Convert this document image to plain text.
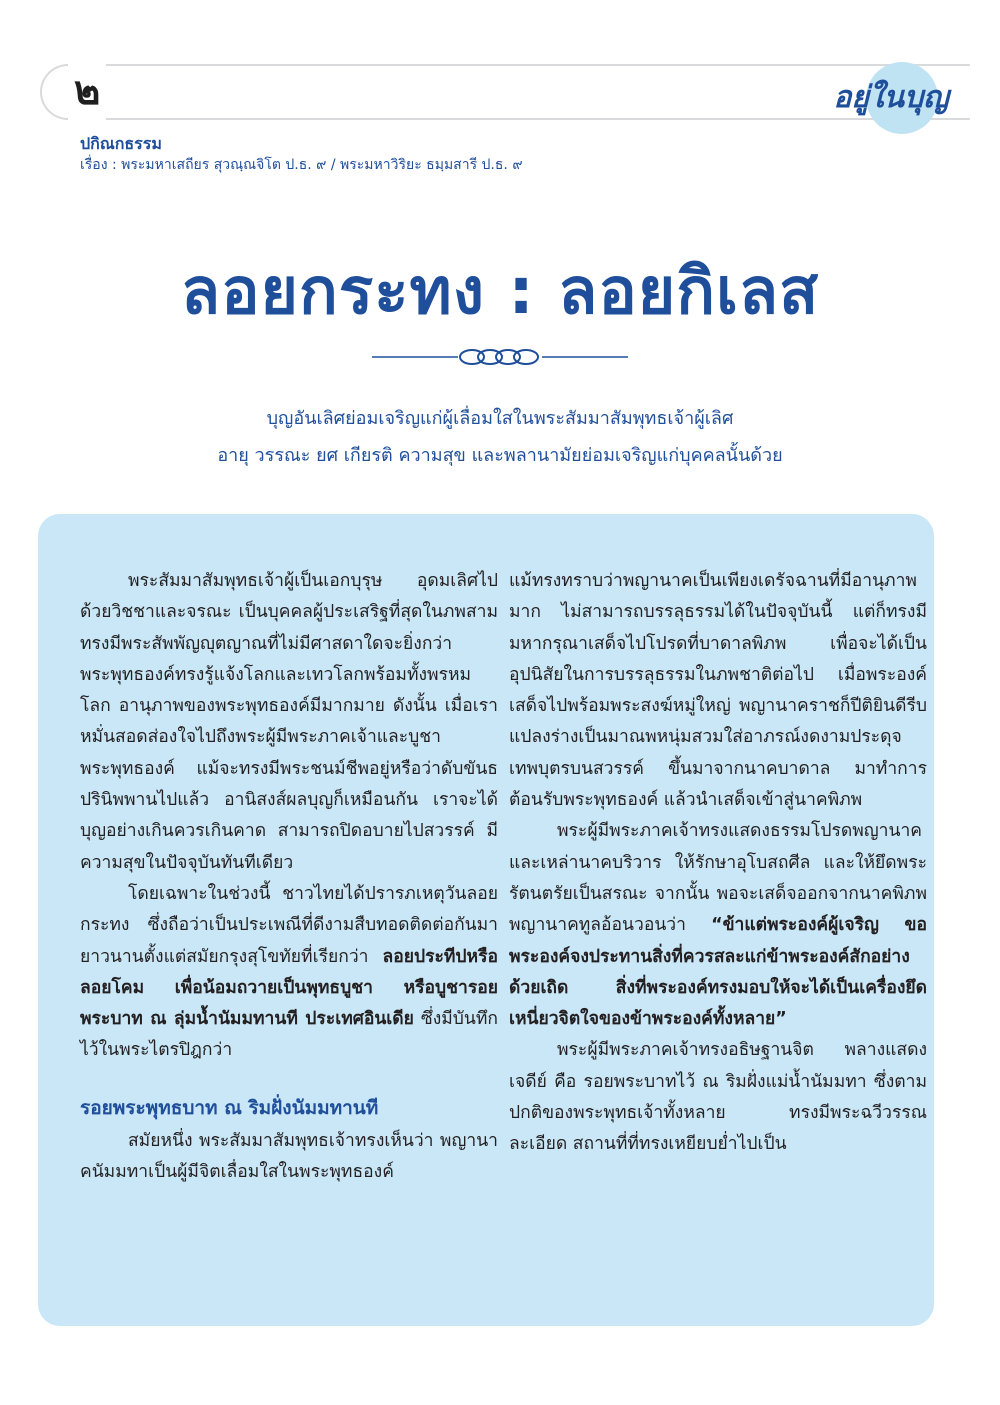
๒	อยู่ในบุญ
ปกิณกธรรม
เรื่อง : พระมหาเสถียร สุวณฺณจิโต ป.ธ. ๙ / พระมหาวิริยะ ธมฺมสารี ป.ธ. ๙
ลอยกระทง : ลอยกิเลส
บุญอันเลิศย่อมเจริญแก่ผู้เลื่อมใสในพระสัมมาสัมพุทธเจ้าผู้เลิศ
อายุ วรรณะ ยศ เกียรติ ความสุข และพลานามัยย่อมเจริญแก่บุคคลนั้นด้วย

พระสัมมาสัมพุทธเจ้าผู้เป็นเอกบุรุษ อุดมเลิศไปด้วยวิชชาและจรณะ เป็นบุคคลผู้ประเสริฐที่สุดในภพสาม ทรงมีพระสัพพัญญุตญาณที่ไม่มีศาสดาใดจะยิ่งกว่า พระพุทธองค์ทรงรู้แจ้งโลกและเทวโลกพร้อมทั้งพรหมโลก อานุภาพของพระพุทธองค์มีมากมาย ดังนั้น เมื่อเราหมั่นสอดส่องใจไปถึงพระผู้มีพระภาคเจ้าและบูชาพระพุทธองค์ แม้จะทรงมีพระชนม์ชีพอยู่หรือว่าดับขันธปรินิพพานไปแล้ว อานิสงส์ผลบุญก็เหมือนกัน เราจะได้บุญอย่างเกินควรเกินคาด สามารถปิดอบายไปสวรรค์ มีความสุขในปัจจุบันทันทีเดียว

โดยเฉพาะในช่วงนี้ ชาวไทยได้ปรารภเหตุวันลอยกระทง ซึ่งถือว่าเป็นประเพณีที่ดีงามสืบทอดติดต่อกันมายาวนานตั้งแต่สมัยกรุงสุโขทัยที่เรียกว่า ลอยประทีปหรือลอยโคม เพื่อน้อมถวายเป็นพุทธบูชา หรือบูชารอยพระบาท ณ ลุ่มน้ำนัมมทานที ประเทศอินเดีย ซึ่งมีบันทึกไว้ในพระไตรปิฎกว่า

รอยพระพุทธบาท ณ ริมฝั่งนัมมทานที

สมัยหนึ่ง พระสัมมาสัมพุทธเจ้าทรงเห็นว่า พญานาคนัมมทาเป็นผู้มีจิตเลื่อมใสในพระพุทธองค์

แม้ทรงทราบว่าพญานาคเป็นเพียงเดรัจฉานที่มีอานุภาพมาก ไม่สามารถบรรลุธรรมได้ในปัจจุบันนี้ แต่ก็ทรงมีมหากรุณาเสด็จไปโปรดที่บาดาลพิภพ เพื่อจะได้เป็นอุปนิสัยในการบรรลุธรรมในภพชาติต่อไป เมื่อพระองค์เสด็จไปพร้อมพระสงฆ์หมู่ใหญ่ พญานาคราชก็ปีติยินดีรีบแปลงร่างเป็นมาณพหนุ่มสวมใส่อาภรณ์งดงามประดุจเทพบุตรบนสวรรค์ ขึ้นมาจากนาคบาดาล มาทำการต้อนรับพระพุทธองค์ แล้วนำเสด็จเข้าสู่นาคพิภพ

พระผู้มีพระภาคเจ้าทรงแสดงธรรมโปรดพญานาคและเหล่านาคบริวาร ให้รักษาอุโบสถศีล และให้ยึดพระรัตนตรัยเป็นสรณะ จากนั้น พอจะเสด็จออกจากนาคพิภพ พญานาคทูลอ้อนวอนว่า “ข้าแต่พระองค์ผู้เจริญ ขอพระองค์จงประทานสิ่งที่ควรสละแก่ข้าพระองค์สักอย่างด้วยเถิด สิ่งที่พระองค์ทรงมอบให้จะได้เป็นเครื่องยึดเหนี่ยวจิตใจของข้าพระองค์ทั้งหลาย”

พระผู้มีพระภาคเจ้าทรงอธิษฐานจิต พลางแสดงเจดีย์ คือ รอยพระบาทไว้ ณ ริมฝั่งแม่น้ำนัมมทา ซึ่งตามปกติของพระพุทธเจ้าทั้งหลาย ทรงมีพระฉวีวรรณละเอียด สถานที่ที่ทรงเหยียบย่ำไปเป็น
